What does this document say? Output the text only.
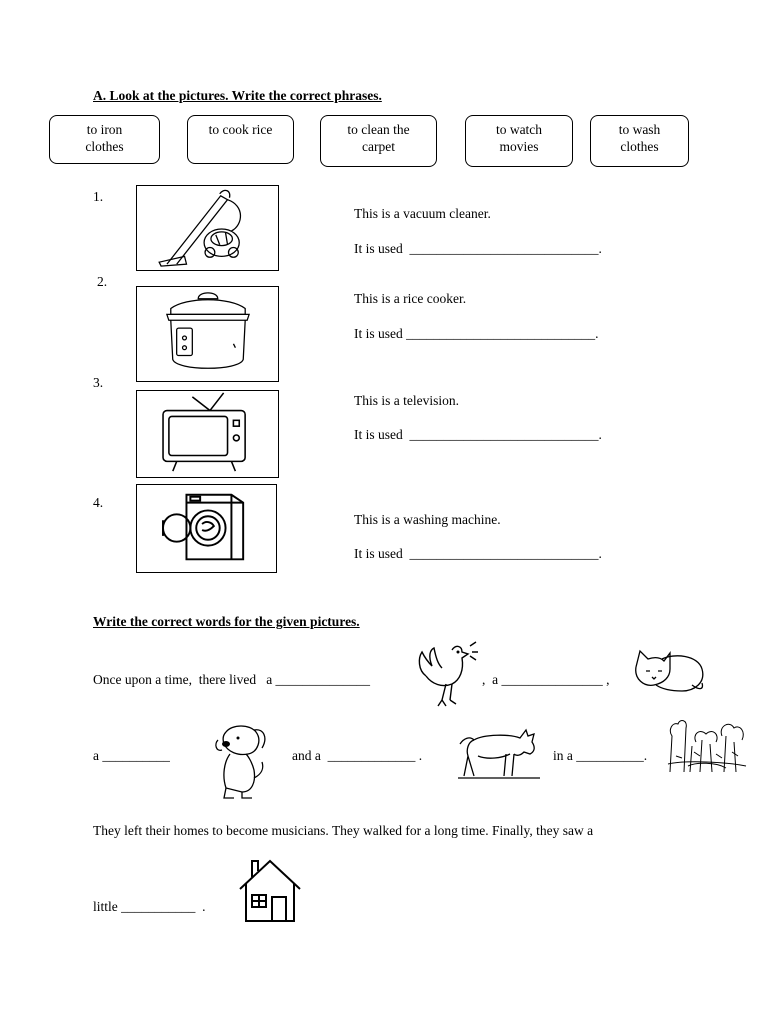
A. Look at the pictures. Write the correct phrases.
to iron
clothes
to cook rice	to clean the
carpet
to watch
movies
to wash
clothes
1.
This is a vacuum cleaner.
It is used  ____________________________.
2.
This is a rice cooker.
It is used ____________________________.
3.
This is a television.
It is used  ____________________________.
4.
This is a washing machine.
It is used  ____________________________.
Write the correct words for the given pictures.
Once upon a time,  there lived   a ______________	,  a _______________ ,
a __________	and a  _____________ .	in a __________.
They left their homes to become musicians. They walked for a long time. Finally, they saw a
little ___________  .
